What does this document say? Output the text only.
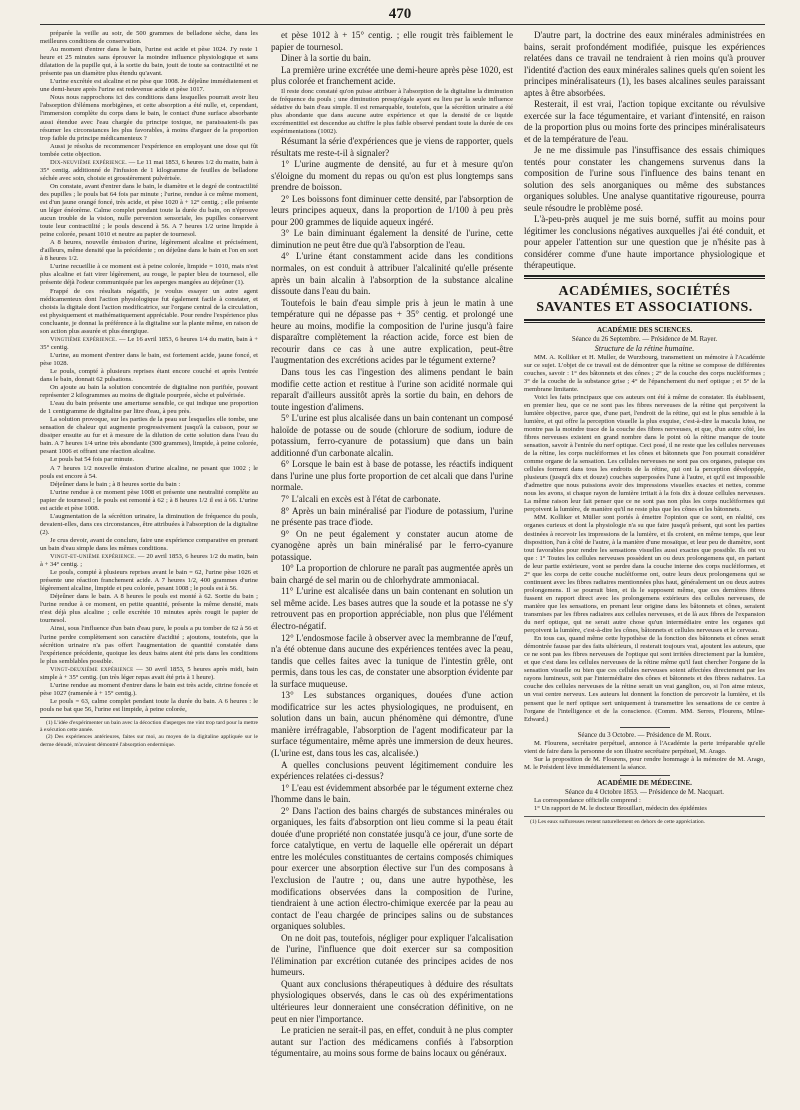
470

préparée la veille au soir, de 500 grammes de belladone sèche, dans les meilleures conditions de conservation.

Au moment d'entrer dans le bain, l'urine est acide et pèse 1024. J'y reste 1 heure et 25 minutes sans éprouver la moindre influence physiologique et sans dilatation de la pupille qui, à la sortie du bain, jouit de toute sa contractilité et ne présente pas un diamètre plus étendu qu'avant.

L'urine excrétée est alcaline et ne pèse que 1008. Je déjeûne immédiatement et une demi-heure après l'urine est redevenue acide et pèse 1017.

Nous nous rapprochons ici des conditions dans lesquelles pourrait avoir lieu l'absorption d'élémens morbigènes, et cette absorption a été nulle, et, cependant, l'immersion complète du corps dans le bain, le contact d'une surface absorbante aussi étendue avec l'eau chargée du principe toxique, ne paraissaient-ils pas résumer les circonstances les plus favorables, à moins d'arguer de la proportion trop faible du principe médicamenteux ?

Aussi je résolus de recommencer l'expérience en employant une dose qui fût tombée cette objection.

Dix-neuvième expérience. — Le 11 mai 1853, 6 heures 1/2 du matin, bain à 35° centig. additionné de l'infusion de 1 kilogramme de feuilles de belladone séchée avec soin, choisie et grossièrement pulvérisée.

On constate, avant d'entrer dans le bain, le diamètre et le degré de contractilité des pupilles ; le pouls bat 64 fois par minute ; l'urine, rendue à ce même moment, est d'un jaune orangé foncé, très acide, et pèse 1020 à + 12° centig. ; elle présente un léger énéorème. Calme complet pendant toute la durée du bain, on n'éprouve aucun trouble de la vision, nulle perversion sensoriale, les pupilles conservent toute leur contractilité ; le pouls descend à 56. A 7 heures 1/2 urine limpide à peine colorée, pesant 1010 et neutre au papier de tournesol.

A 8 heures, nouvelle émission d'urine, légèrement alcaline et précisément, d'ailleurs, même densité que la précédente ; on déjeûne dans le bain et l'on en sort à 8 heures 1/2.

L'urine recueillie à ce moment est à peine colorée, limpide = 1010, mais n'est plus alcaline et fait virer légèrement, au rouge, le papier bleu de tournesol, elle présente déjà l'odeur communiquée par les asperges mangées au déjeûner (1).

Frappé de ces résultats négatifs, je voulus essayer un autre agent médicamenteux dont l'action physiologique fut également facile à constater, et choisis la digitale dont l'action modificatrice, sur l'organe central de la circulation, est physiquement et mathématiquement appréciable. Pour rendre l'expérience plus concluante, je donnai la préférence à la digitaline sur la plante même, en raison de son action plus assurée et plus énergique.

Vingtième expérience. — Le 16 avril 1853, 6 heures 1/4 du matin, bain à + 35° centig.

L'urine, au moment d'entrer dans le bain, est fortement acide, jaune foncé, et pèse 1028.

Le pouls, compté à plusieurs reprises étant encore couché et après l'entrée dans le bain, donnait 62 pulsations.

On ajoute au bain la solution concentrée de digitaline non purifiée, pouvant représenter 2 kilogrammes au moins de digitale pourprée, sèche et pulvérisée.

L'eau du bain présente une amertume sensible, ce qui indique une proportion de 1 centigramme de digitaline par litre d'eau, à peu près.

La solution provoque, sur les parties de la peau sur lesquelles elle tombe, une sensation de chaleur qui augmente progressivement jusqu'à la cuisson, pour se dissiper ensuite au fur et à mesure de la dilution de cette solution dans l'eau du bain. A 7 heures 1/4 urine très abondante (300 grammes), limpide, à peine colorée, pesant 1006 et offrant une réaction alcaline.

Le pouls bat 54 fois par minute.

A 7 heures 1/2 nouvelle émission d'urine alcaline, ne pesant que 1002 ; le pouls est encore à 54.

Déjeûner dans le bain ; à 8 heures sortie du bain :

L'urine rendue à ce moment pèse 1008 et présente une neutralité complète au papier de tournesol ; le pouls est remonté à 62 ; à 8 heures 1/2 il est à 66. L'urine est acide et pèse 1008.

L'augmentation de la sécrétion urinaire, la diminution de fréquence du pouls, devaient-elles, dans ces circonstances, être attribuées à l'absorption de la digitaline (2).

Je crus devoir, avant de conclure, faire une expérience comparative en prenant un bain d'eau simple dans les mêmes conditions.

Vingt-et-unième expérience. — 20 avril 1853, 6 heures 1/2 du matin, bain à + 34° centig. ;

Le pouls, compté à plusieurs reprises avant le bain = 62, l'urine pèse 1026 et présente une réaction franchement acide. A 7 heures 1/2, 400 grammes d'urine légèrement alcaline, limpide et peu colorée, pesant 1008 ; le pouls est à 56.

Déjeûner dans le bain. A 8 heures le pouls est monté à 62. Sortie du bain ; l'urine rendue à ce moment, en petite quantité, présente la même densité, mais n'est déjà plus alcaline ; celle excrétée 10 minutes après rougit le papier de tournesol.

Ainsi, sous l'influence d'un bain d'eau pure, le pouls a pu tomber de 62 à 56 et l'urine perdre complètement son caractère d'acidité ; ajoutons, toutefois, que la sécrétion urinaire n'a pas offert l'augmentation de quantité constatée dans l'expérience précédente, quoique les deux bains aient été pris dans les conditions le plus semblables possible.

Vingt-deuxième expérience — 30 avril 1853, 5 heures après midi, bain simple à + 35° centig. (un très léger repas avait été pris à 1 heure).

L'urine rendue au moment d'entrer dans le bain est très acide, citrine foncée et pèse 1027 (ramenée à + 15° centig.).

Le pouls = 63, calme complet pendant toute la durée du bain. A 6 heures : le pouls ne bat que 56, l'urine est limpide, à peine colorée,

(1) L'idée d'expérimenter un bain avec la décoction d'asperges me vint trop tard pour la mettre à exécution cette année.

(2) Des expériences antérieures, faites sur moi, au moyen de la digitaline appliquée sur le derme dénudé, m'avaient démontré l'absorption endermique.

et pèse 1012 à + 15° centig. ; elle rougit très faiblement le papier de tournesol.

Diner à la sortie du bain.

La première urine excrétée une demi-heure après pèse 1020, est plus colorée et franchement acide.

Il reste donc constaté qu'on puisse attribuer à l'absorption de la digitaline la diminution de fréquence du pouls ; une diminution presqu'égale ayant eu lieu par la seule influence sédative du bain d'eau simple. Il est remarquable, toutefois, que la sécrétion urinaire a été plus abondante que dans aucune autre expérience et que la densité de ce liquide excrémentitiel est descendue au chiffre le plus faible observé pendant toute la durée de ces expérimentations (1002).

Résumant la série d'expériences que je viens de rapporter, quels résultats me reste-t-il à signaler?

1° L'urine augmente de densité, au fur et à mesure qu'on s'éloigne du moment du repas ou qu'on est plus longtemps sans prendre de boisson.

2° Les boissons font diminuer cette densité, par l'absorption de leurs principes aqueux, dans la proportion de 1/100 à peu près pour 200 grammes de liquide aqueux ingéré.

3° Le bain diminuant également la densité de l'urine, cette diminution ne peut être due qu'à l'absorption de l'eau.

4° L'urine étant constamment acide dans les conditions normales, on est conduit à attribuer l'alcalinité qu'elle présente après un bain alcalin à l'absorption de la substance alcaline dissoute dans l'eau du bain.

Toutefois le bain d'eau simple pris à jeun le matin à une température qui ne dépasse pas + 35° centig. et prolongé une heure au moins, modifie la composition de l'urine jusqu'à faire disparaître complètement la réaction acide, force est bien de recourir dans ce cas à une autre explication, peut-être l'augmentation des excrétions acides par le tégument externe?

Dans tous les cas l'ingestion des alimens pendant le bain modifie cette action et restitue à l'urine son acidité normale qui reparaît d'ailleurs aussitôt après la sortie du bain, en dehors de toute ingestion d'alimens.

5° L'urine est plus alcalisée dans un bain contenant un composé haloïde de potasse ou de soude (chlorure de sodium, iodure de potassium, ferro-cyanure de potassium) que dans un bain additionné d'un carbonate alcalin.

6° Lorsque le bain est à base de potasse, les réactifs indiquent dans l'urine une plus forte proportion de cet alcali que dans l'urine normale.

7° L'alcali en excès est à l'état de carbonate.

8° Après un bain minéralisé par l'iodure de potassium, l'urine ne présente pas trace d'iode.

9° On ne peut également y constater aucun atome de cyanogène après un bain minéralisé par le ferro-cyanure potassique.

10° La proportion de chlorure ne paraît pas augmentée après un bain chargé de sel marin ou de chlorhydrate ammoniacal.

11° L'urine est alcalisée dans un bain contenant en solution un sel même acide. Les bases autres que la soude et la potasse ne s'y retrouvent pas en proportion appréciable, non plus que l'élément électro-négatif.

12° L'endosmose facile à observer avec la membranne de l'œuf, n'a été obtenue dans aucune des expériences tentées avec la peau, tandis que celles faites avec la tunique de l'intestin grêle, ont permis, dans tous les cas, de constater une absorption évidente par la surface muqueuse.

13° Les substances organiques, douées d'une action modificatrice sur les actes physiologiques, ne produisent, en solution dans un bain, aucun phénomène qui démontre, d'une manière irréfragable, l'absorption de l'agent modificateur par la surface tégumentaire, même après une immersion de deux heures. (L'urine est, dans tous les cas, alcalisée.)

A quelles conclusions peuvent légitimement conduire les expériences relatées ci-dessus?

1° L'eau est évidemment absorbée par le tégument externe chez l'homme dans le bain.

2° Dans l'action des bains chargés de substances minérales ou organiques, les faits d'absorption ont lieu comme si la peau était douée d'une propriété non constatée jusqu'à ce jour, d'une sorte de force catalytique, en vertu de laquelle elle opérerait un départ entre les molécules constituantes de certains composés chimiques pour exercer une absorption élective sur l'un des composans à l'exclusion de l'autre ; ou, dans une autre hypothèse, les modifications observées dans la composition de l'urine, tiendraient à une action électro-chimique exercée par la peau au contact de l'eau chargée de principes salins ou de substances organiques solubles.

On ne doit pas, toutefois, négliger pour expliquer l'alcalisation de l'urine, l'influence que doit exercer sur sa composition l'élimination par excrétion cutanée des principes acides de nos humeurs.

Quant aux conclusions thérapeutiques à déduire des résultats physiologiques observés, dans le cas où des expérimentations ultérieures leur donneraient une consécration définitive, on ne peut en nier l'importance.

Le praticien ne serait-il pas, en effet, conduit à ne plus compter autant sur l'action des médicamens confiés à l'absorption tégumentaire, au moins sous forme de bains locaux ou généraux.

D'autre part, la doctrine des eaux minérales administrées en bains, serait profondément modifiée, puisque les expériences relatées dans ce travail ne tendraient à rien moins qu'à prouver l'identité d'action des eaux minérales salines quels qu'en soient les principes minéralisateurs (1), les bases alcalines seules paraissant aptes à être absorbées.

Resterait, il est vrai, l'action topique excitante ou révulsive exercée sur la face tégumentaire, et variant d'intensité, en raison de la proportion plus ou moins forte des principes minéralisateurs et de la température de l'eau.

Je ne me dissimule pas l'insuffisance des essais chimiques tentés pour constater les changemens survenus dans la composition de l'urine sous l'influence des bains tenant en solution des sels anorganiques ou même des substances organiques solubles. Une analyse quantitative rigoureuse, pourra seule résoudre le problème posé.

L'à-peu-près auquel je me suis borné, suffit au moins pour légitimer les conclusions négatives auxquelles j'ai été conduit, et pour appeler l'attention sur une question que je n'hésite pas à considérer comme d'une haute importance physiologique et thérapeutique.

ACADÉMIES, SOCIÉTÉS SAVANTES ET ASSOCIATIONS.

ACADÉMIE DES SCIENCES.

Séance du 26 Septembre. — Présidence de M. Rayer.

Structure de la rétine humaine.

MM. A. Kolliker et H. Muller, de Wurzbourg, transmettent un mémoire à l'Académie sur ce sujet. L'objet de ce travail est de démontrer que la rétine se compose de différentes couches, savoir : 1° des bâtonnets et des cônes ; 2° de la couche des corps nucléiformes ; 3° de la couche de la substance grise ; 4° de l'épanchement du nerf optique ; et 5° de la membrane limitante.

Voici les faits principaux que ces auteurs ont été à même de constater. Ils établissent, en premier lieu, que ce ne sont pas les fibres nerveuses de la rétine qui perçoivent la lumière objective, parce que, d'une part, l'endroit de la rétine, qui est le plus sensible à la lumière, et qui offre la perception visuelle la plus exquise, c'est-à-dire la macula lutea, ne montre pas la moindre trace de la couche des fibres nerveuses, et que, d'un autre côté, les fibres nerveuses existent en grand nombre dans le point où la rétine manque de toute sensation, savoir à l'entrée du nerf optique. Ceci posé, il ne reste que les cellules nerveuses de la rétine, les corps nucléiformes et les cônes et bâtonnets que l'on pourrait considérer comme organe de la sensation. Les cellules nerveuses ne sont pas ces organes, puisque ces cellules forment dans tous les endroits de la rétine, qui ont la perception développée, plusieurs (jusqu'à dix et douze) couches superposées l'une à l'autre, et qu'il est impossible d'admettre que nous puissions avoir des impressions visuelles exactes et nettes, comme nous les avons, si chaque rayon de lumière irritait à la fois dix à douze cellules nerveuses. La même raison leur fait penser que ce ne sont pas non plus les corps nucléiformes qui perçoivent la lumière, de manière qu'il ne reste plus que les cônes et les bâtonnets.

MM. Kolliker et Müller sont portés à émettre l'opinion que ce sont, en réalité, ces organes curieux et dont la physiologie n'a su que faire jusqu'à présent, qui sont les parties destinées à recevoir les impressions de la lumière, et ils croient, en même temps, que leur disposition, l'un à côté de l'autre, à la manière d'une mosaïque, et leur peu de diamètre, sont tout favorables pour rendre les sensations visuelles aussi exactes que possible. Ils ont vu que : 1° Toutes les cellules nerveuses possèdent un ou deux prolongemens qui, en partant de leur partie extérieure, vont se perdre dans la couche interne des corps nucléiformes, et 2° que les corps de cette couche nucléiforme ont, outre leurs deux prolongemens qui se continuent avec les fibres radiaires mentionnées plus haut, généralement un ou deux autres prolongemens. Il se pourrait bien, et ils le supposent même, que ces dernières fibres fussent en rapport direct avec les prolongemens extérieurs des cellules nerveuses, de manière que les sensations, en prenant leur origine dans les bâtonnets et cônes, seraient transmises par les fibres radiaires aux cellules nerveuses, et de là aux fibres de l'expansion du nerf optique, qui ne serait autre chose qu'un intermédiaire entre les organes qui perçoivent la lumière, c'est-à-dire les cônes, bâtonnets et cellules nerveuses et le cerveau.

En tous cas, quand même cette hypothèse de la fonction des bâtonnets et cônes serait démontrée fausse par des faits ultérieurs, il resterait toujours vrai, ajoutent les auteurs, que ce ne sont pas les fibres nerveuses de l'optique qui sont irritées directement par la lumière, et que c'est dans les cellules nerveuses de la rétine même qu'il faut chercher l'organe de la sensation visuelle ou bien que ces cellules nerveuses soient affectées directement par les rayons lumineux, soit par l'intermédiaire des cônes et bâtonnets et des fibres radiaires. La couche des cellules nerveuses de la rétine serait un vrai ganglion, ou, si l'on aime mieux, un vrai centre nerveux. Les auteurs lui donnent la fonction de percevoir la lumière, et ils pensent que le nerf optique sert uniquement à transmettre les sensations de ce centre à l'organe de l'intelligence et de la conscience. (Comm. MM. Serres, Flourens, Milne-Edward.)

Séance du 3 Octobre. — Présidence de M. Roux.

M. Flourens, secrétaire perpétuel, annonce à l'Académie la perte irréparable qu'elle vient de faire dans la personne de son illustre secrétaire perpétuel, M. Arago.

Sur la proposition de M. Flourens, pour rendre hommage à la mémoire de M. Arago, M. le Président lève immédiatement la séance.

ACADÉMIE DE MÉDECINE.

Séance du 4 Octobre 1853. — Présidence de M. Nacquart.

La correspondance officielle comprend :

1° Un rapport de M. le docteur Brouillart, médecin des épidémies

(1) Les eaux sulfureuses restent naturellement en dehors de cette appréciation.
